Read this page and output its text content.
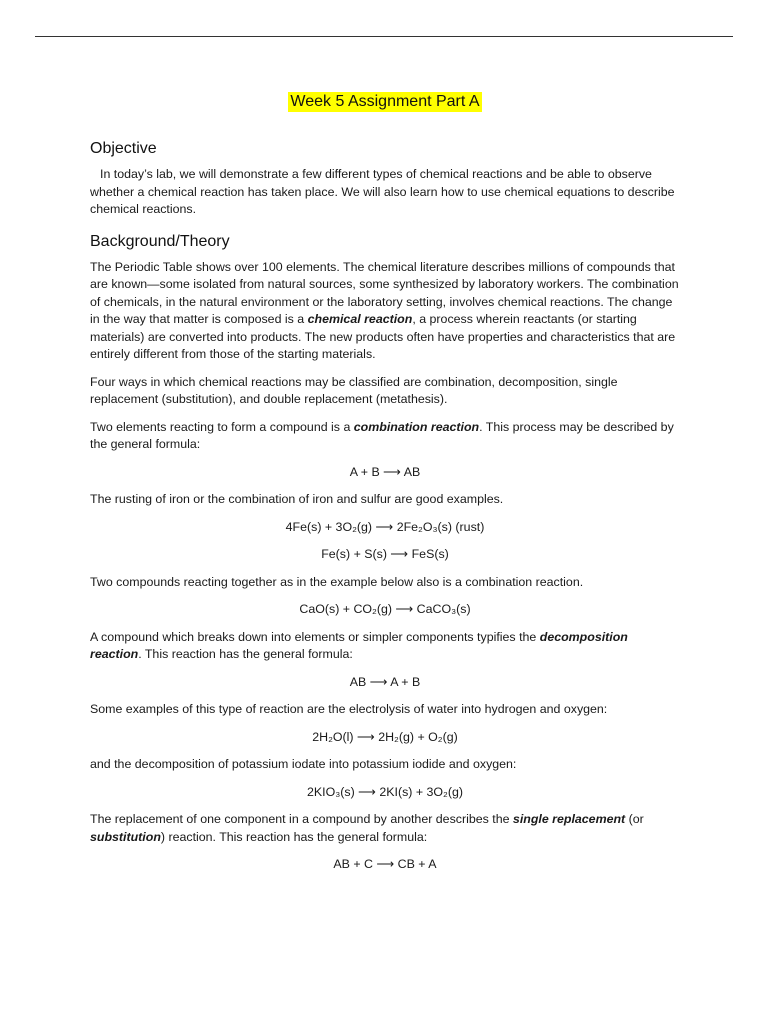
Week 5 Assignment Part A
Objective

In today’s lab, we will demonstrate a few different types of chemical reactions and be able to observe whether a chemical reaction has taken place. We will also learn how to use chemical equations to describe chemical reactions.

Background/Theory

The Periodic Table shows over 100 elements. The chemical literature describes millions of compounds that are known—some isolated from natural sources, some synthesized by laboratory workers. The combination of chemicals, in the natural environment or the laboratory setting, involves chemical reactions. The change in the way that matter is composed is a chemical reaction, a process wherein reactants (or starting materials) are converted into products. The new products often have properties and characteristics that are entirely different from those of the starting materials.

Four ways in which chemical reactions may be classified are combination, decomposition, single replacement (substitution), and double replacement (metathesis).

Two elements reacting to form a compound is a combination reaction. This process may be described by the general formula:

A + B ⟶ AB

The rusting of iron or the combination of iron and sulfur are good examples.

4Fe(s) + 3O₂(g) ⟶ 2Fe₂O₃(s) (rust)
Fe(s) + S(s) ⟶ FeS(s)

Two compounds reacting together as in the example below also is a combination reaction.

CaO(s) + CO₂(g) ⟶ CaCO₃(s)

A compound which breaks down into elements or simpler components typifies the decomposition reaction. This reaction has the general formula:

AB ⟶ A + B

Some examples of this type of reaction are the electrolysis of water into hydrogen and oxygen:

2H₂O(l) ⟶ 2H₂(g) + O₂(g)

and the decomposition of potassium iodate into potassium iodide and oxygen:

2KIO₃(s) ⟶ 2KI(s) + 3O₂(g)

The replacement of one component in a compound by another describes the single replacement (or substitution) reaction. This reaction has the general formula:

AB + C ⟶ CB + A
